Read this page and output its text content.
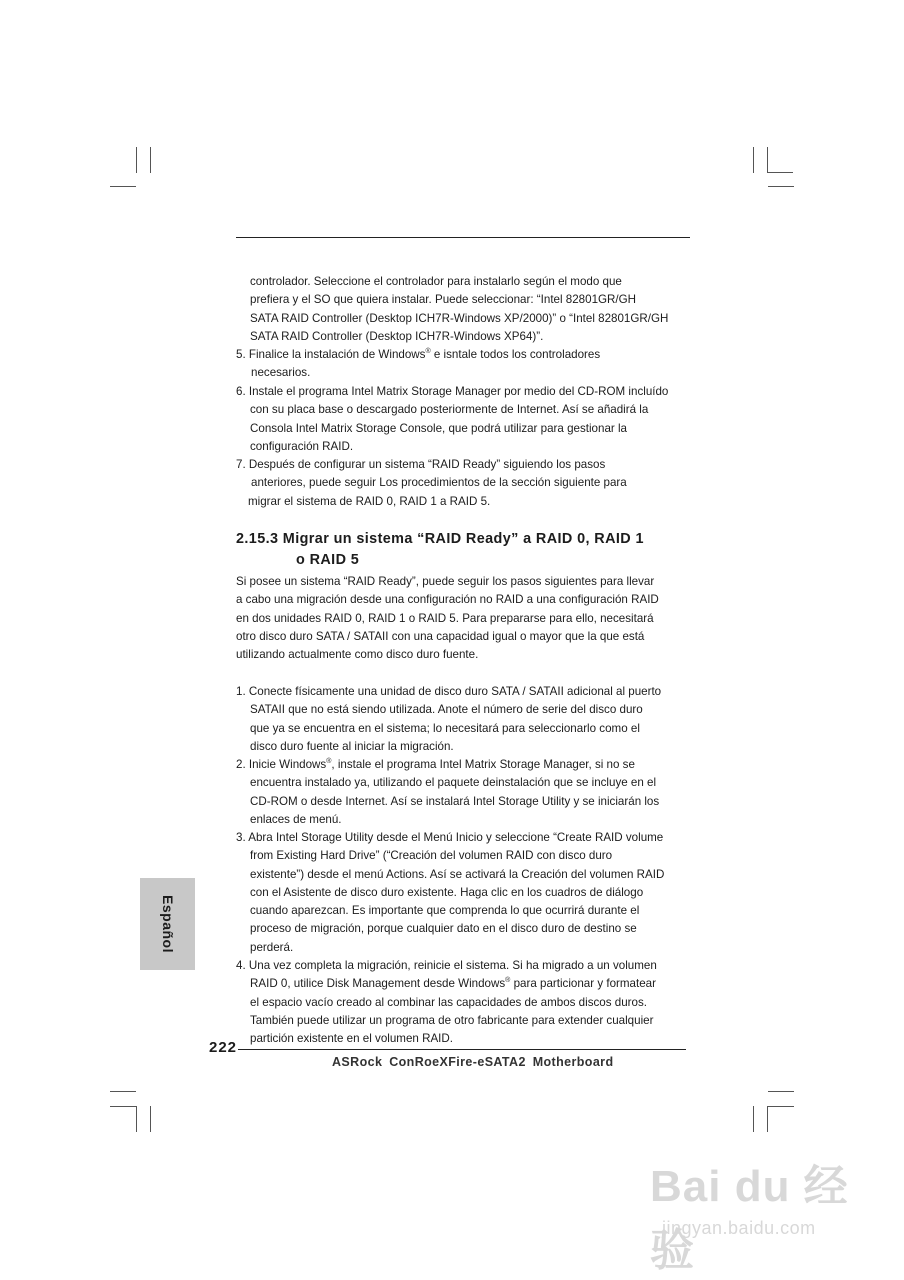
controlador. Seleccione el controlador para instalarlo según el modo que
prefiera y el SO que quiera instalar. Puede seleccionar: “Intel 82801GR/GH
SATA RAID Controller (Desktop ICH7R-Windows XP/2000)” o “Intel 82801GR/GH
SATA RAID Controller (Desktop ICH7R-Windows XP64)”.
5. Finalice la instalación de Windows® e isntale todos los controladores
necesarios.
6. Instale el programa Intel Matrix Storage Manager por medio del CD-ROM incluído
con su placa base o descargado posteriormente de Internet. Así se añadirá la
Consola Intel Matrix Storage Console, que podrá utilizar para gestionar la
configuración RAID.
7. Después de configurar un sistema “RAID Ready” siguiendo los pasos
anteriores, puede seguir Los procedimientos de la sección siguiente para
migrar el sistema de RAID 0, RAID 1 a RAID 5.
2.15.3 Migrar un sistema “RAID Ready” a RAID 0, RAID 1
o RAID 5
Si posee un sistema “RAID Ready”, puede seguir los pasos siguientes para llevar
a cabo una migración desde una configuración no RAID a una configuración RAID
en dos unidades RAID 0, RAID 1 o RAID 5. Para prepararse para ello, necesitará
otro disco duro SATA / SATAII con una capacidad igual o mayor que la que está
utilizando actualmente como disco duro fuente.
1. Conecte físicamente una unidad de disco duro SATA / SATAII adicional al puerto
SATAII que no está siendo utilizada. Anote el número de serie del disco duro
que ya se encuentra en el sistema; lo necesitará para seleccionarlo como el
disco duro fuente al iniciar la migración.
2. Inicie Windows®, instale el programa Intel Matrix Storage Manager, si no se
encuentra instalado ya, utilizando el paquete deinstalación que se incluye en el
CD-ROM o desde Internet. Así se instalará Intel Storage Utility y se iniciarán los
enlaces de menú.
3. Abra Intel Storage Utility desde el Menú Inicio y seleccione “Create RAID volume
from Existing Hard Drive” (“Creación del volumen RAID con disco duro
existente”) desde el menú Actions. Así se activará la Creación del volumen RAID
con el Asistente de disco duro existente. Haga clic en los cuadros de diálogo
cuando aparezcan. Es importante que comprenda lo que ocurrirá durante el
proceso de migración, porque cualquier dato en el disco duro de destino se
perderá.
4. Una vez completa la migración, reinicie el sistema. Si ha migrado a un volumen
RAID 0, utilice Disk Management desde Windows® para particionar y formatear
el espacio vacío creado al combinar las capacidades de ambos discos duros.
También puede utilizar un programa de otro fabricante para extender cualquier
partición existente en el volumen RAID.
Español
222
ASRock ConRoeXFire-eSATA2 Motherboard
Bai du 经验
jingyan.baidu.com
